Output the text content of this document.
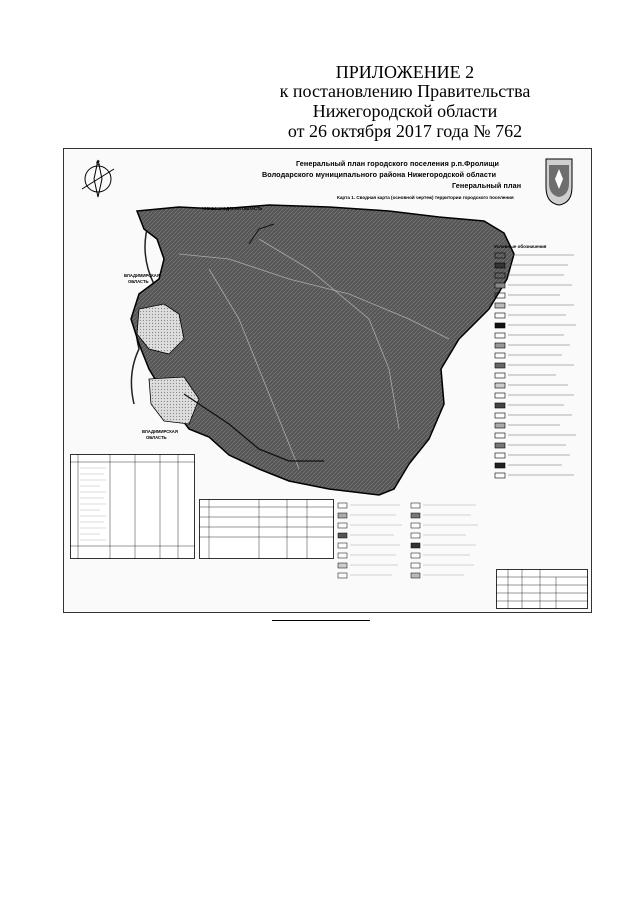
ПРИЛОЖЕНИЕ 2
к постановлению Правительства
Нижегородской области
от 26 октября 2017 года № 762
С	Генеральный план городского поселения р.п.Фролищи
Володарского муниципального района Нижегородской области
Генеральный план
Карта 1. Сводная карта (основной чертеж) территории городского поселения
НИЖЕГОРОДСКАЯ ОБЛАСТЬ
ВЛАДИМИРСКАЯ
ОБЛАСТЬ
ВЛАДИМИРСКАЯ
ОБЛАСТЬ
Условные обозначения
